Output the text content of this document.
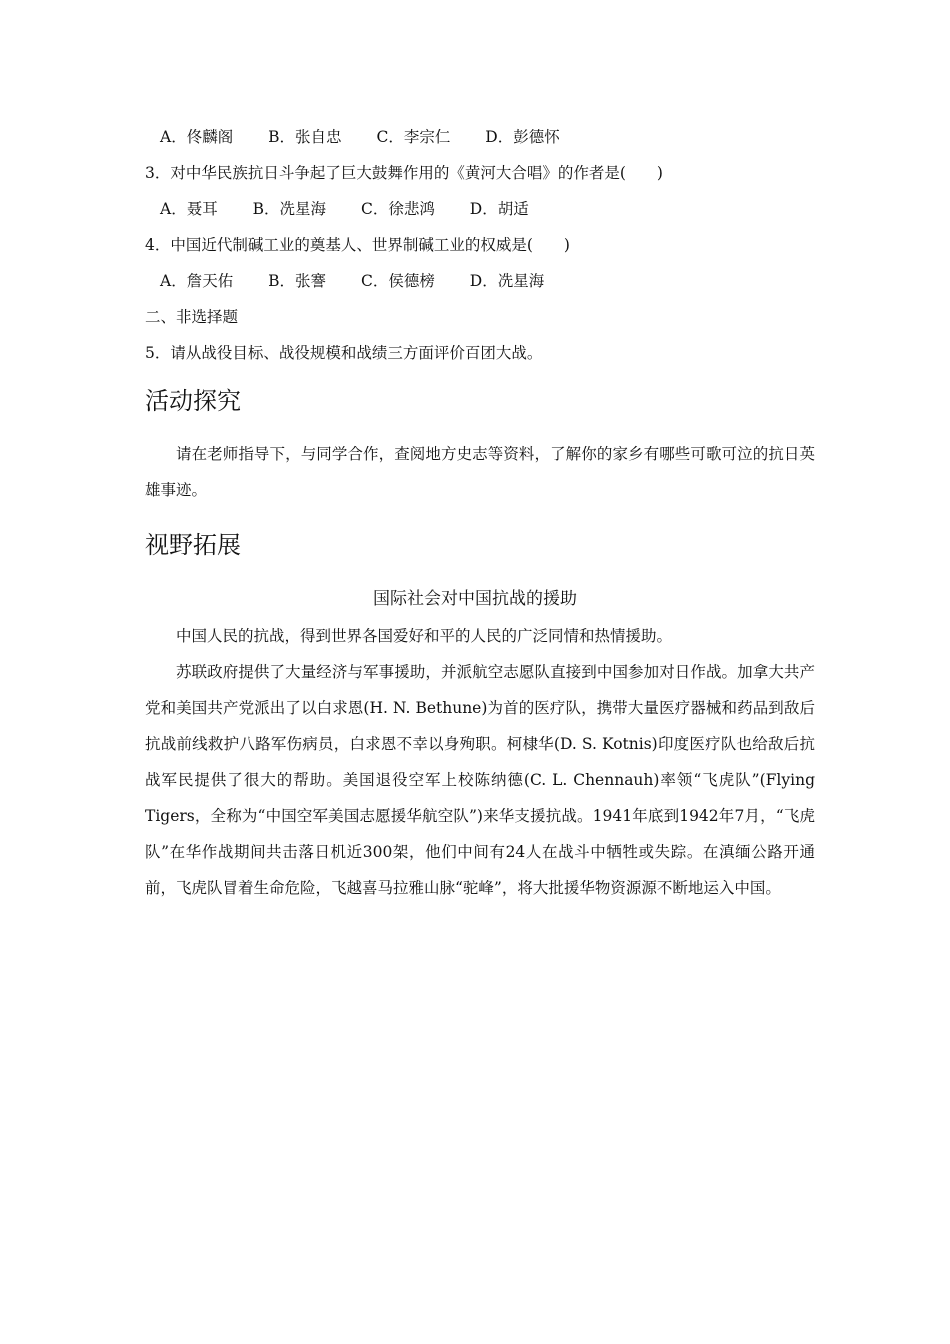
A．佟麟阁 B．张自忠 C．李宗仁 D．彭德怀
3．对中华民族抗日斗争起了巨大鼓舞作用的《黄河大合唱》的作者是(　　)
A．聂耳 B．冼星海 C．徐悲鸿 D．胡适
4．中国近代制碱工业的奠基人、世界制碱工业的权威是(　　)
A．詹天佑 B．张謇 C．侯德榜 D．冼星海
二、非选择题
5．请从战役目标、战役规模和战绩三方面评价百团大战。
活动探究

请在老师指导下，与同学合作，查阅地方史志等资料，了解你的家乡有哪些可歌可泣的抗日英雄事迹。

视野拓展
国际社会对中国抗战的援助

中国人民的抗战，得到世界各国爱好和平的人民的广泛同情和热情援助。

苏联政府提供了大量经济与军事援助，并派航空志愿队直接到中国参加对日作战。加拿大共产党和美国共产党派出了以白求恩(H. N. Bethune)为首的医疗队，携带大量医疗器械和药品到敌后抗战前线救护八路军伤病员，白求恩不幸以身殉职。柯棣华(D. S. Kotnis)印度医疗队也给敌后抗战军民提供了很大的帮助。美国退役空军上校陈纳德(C. L. Chennauh)率领“飞虎队”(Flying Tigers，全称为“中国空军美国志愿援华航空队”)来华支援抗战。1941年底到1942年7月，“飞虎队”在华作战期间共击落日机近300架，他们中间有24人在战斗中牺牲或失踪。在滇缅公路开通前，飞虎队冒着生命危险，飞越喜马拉雅山脉“驼峰”，将大批援华物资源源不断地运入中国。
